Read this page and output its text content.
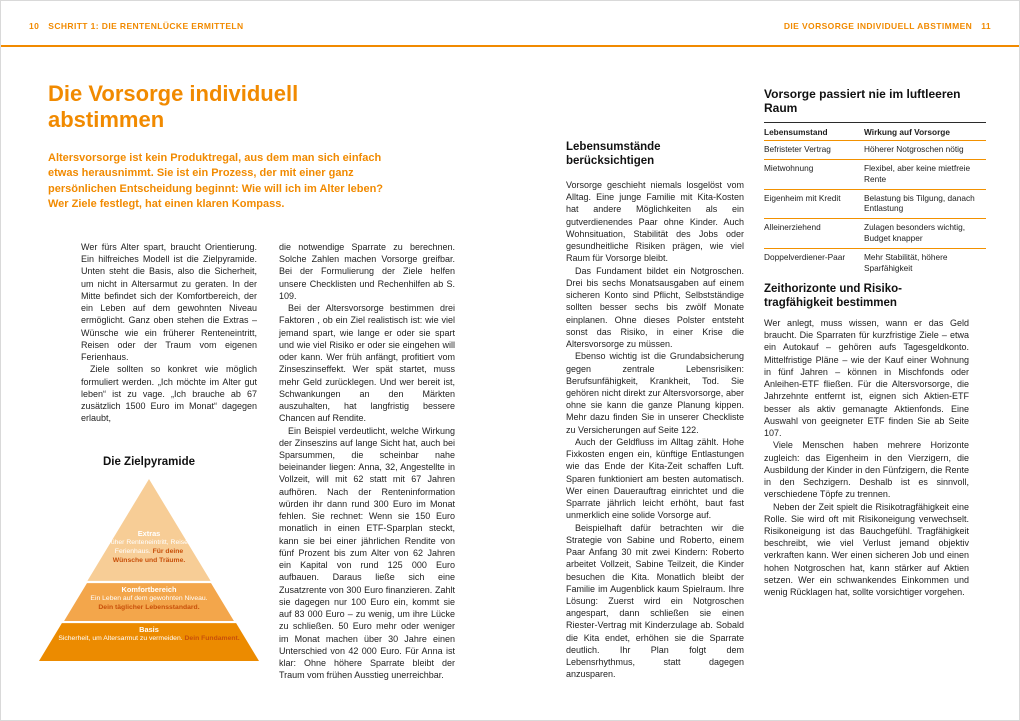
10 SCHRITT 1: DIE RENTENLÜCKE ERMITTELN	DIE VORSORGE INDIVIDUELL ABSTIMMEN 11
Die Vorsorge individuell abstimmen

Altersvorsorge ist kein Produktregal, aus dem man sich einfach etwas herausnimmt. Sie ist ein Prozess, der mit einer ganz persönlichen Entscheidung beginnt: Wie will ich im Alter leben? Wer Ziele festlegt, hat einen klaren Kompass.

Wer fürs Alter spart, braucht Orientierung. Ein hilfreiches Modell ist die Zielpyramide. Unten steht die Basis, also die Sicherheit, um nicht in Altersarmut zu geraten. In der Mitte befindet sich der Komfortbereich, der ein Leben auf dem gewohnten Niveau ermöglicht. Ganz oben stehen die Extras – Wünsche wie ein früherer Renteneintritt, Reisen oder der Traum vom eigenen Ferienhaus.

Ziele sollten so konkret wie möglich formuliert werden. „Ich möchte im Alter gut leben“ ist zu vage. „Ich brauche ab 67 zusätzlich 1500 Euro im Monat“ dagegen erlaubt,

Die Zielpyramide
Extras
Früher Renteneintritt, Reisen, Ferienhaus. Für deine Wünsche und Träume.
Komfortbereich
Ein Leben auf dem gewohnten Niveau. Dein täglicher Lebensstandard.
Basis
Sicherheit, um Altersarmut zu vermeiden. Dein Fundament.

die notwendige Sparrate zu berechnen. Solche Zahlen machen Vorsorge greifbar. Bei der Formulierung der Ziele helfen unsere Checklisten und Rechenhilfen ab S. 109.

Bei der Altersvorsorge bestimmen drei Faktoren , ob ein Ziel realistisch ist: wie viel jemand spart, wie lange er oder sie spart und wie viel Risiko er oder sie eingehen will oder kann. Wer früh anfängt, profitiert vom Zinseszinseffekt. Wer spät startet, muss mehr Geld zurücklegen. Und wer bereit ist, Schwankungen an den Märkten auszuhalten, hat langfristig bessere Chancen auf Rendite.

Ein Beispiel verdeutlicht, welche Wirkung der Zinseszins auf lange Sicht hat, auch bei Sparsummen, die scheinbar nahe beieinander liegen: Anna, 32, Angestellte in Vollzeit, will mit 62 statt mit 67 Jahren aufhören. Nach der Renteninformation würden ihr dann rund 300 Euro im Monat fehlen. Sie rechnet: Wenn sie 150 Euro monatlich in einen ETF-Sparplan steckt, kann sie bei einer jährlichen Rendite von fünf Prozent bis zum Alter von 62 Jahren ein Kapital von rund 125 000 Euro aufbauen. Daraus ließe sich eine Zusatzrente von 300 Euro finanzieren. Zahlt sie dagegen nur 100 Euro ein, kommt sie auf 83 000 Euro – zu wenig, um ihre Lücke zu schließen. 50 Euro mehr oder weniger im Monat machen über 30 Jahre einen Unterschied von 42 000 Euro. Für Anna ist klar: Ohne höhere Sparrate bleibt der Traum vom frühen Ausstieg unerreichbar.

Lebensumstände berücksichtigen

Vorsorge geschieht niemals losgelöst vom Alltag. Eine junge Familie mit Kita-Kosten hat andere Möglichkeiten als ein gutverdienendes Paar ohne Kinder. Auch Wohnsituation, Stabilität des Jobs oder gesundheitliche Risiken prägen, wie viel Raum für Vorsorge bleibt.

Das Fundament bildet ein Notgroschen. Drei bis sechs Monatsausgaben auf einem sicheren Konto sind Pflicht, Selbstständige sollten besser sechs bis zwölf Monate einplanen. Ohne dieses Polster entsteht sonst das Risiko, in einer Krise die Altersvorsorge zu müssen.

Ebenso wichtig ist die Grundabsicherung gegen zentrale Lebensrisiken: Berufsunfähigkeit, Krankheit, Tod. Sie gehören nicht direkt zur Altersvorsorge, aber ohne sie kann die ganze Planung kippen. Mehr dazu finden Sie in unserer Checkliste zu Versicherungen auf Seite 122.

Auch der Geldfluss im Alltag zählt. Hohe Fixkosten engen ein, künftige Entlastungen wie das Ende der Kita-Zeit schaffen Luft. Sparen funktioniert am besten automatisch. Wer einen Dauerauftrag einrichtet und die Sparrate jährlich leicht erhöht, baut fast unmerklich eine solide Vorsorge auf.

Beispielhaft dafür betrachten wir die Strategie von Sabine und Roberto, einem Paar Anfang 30 mit zwei Kindern: Roberto arbeitet Vollzeit, Sabine Teilzeit, die Kinder besuchen die Kita. Monatlich bleibt der Familie im Augenblick kaum Spielraum. Ihre Lösung: Zuerst wird ein Notgroschen angespart, dann schließen sie einen Riester-Vertrag mit Kinderzulage ab. Sobald die Kita endet, erhöhen sie die Sparrate deutlich. Ihr Plan folgt dem Lebensrhythmus, statt dagegen anzusparen.

Vorsorge passiert nie im luftleeren Raum
Lebensumstand	Wirkung auf Vorsorge
Befristeter Vertrag	Höherer Notgroschen nötig
Mietwohnung	Flexibel, aber keine mietfreie Rente
Eigenheim mit Kredit	Belastung bis Tilgung, danach Entlastung
Alleinerziehend	Zulagen besonders wichtig, Budget knapper
Doppelverdiener-Paar	Mehr Stabilität, höhere Sparfähigkeit
Zeithorizonte und Risikotragfähigkeit bestimmen

Wer anlegt, muss wissen, wann er das Geld braucht. Die Sparraten für kurzfristige Ziele – etwa ein Autokauf – gehören aufs Tagesgeldkonto. Mittelfristige Pläne – wie der Kauf einer Wohnung in fünf Jahren – können in Mischfonds oder Anleihen-ETF fließen. Für die Altersvorsorge, die Jahrzehnte entfernt ist, eignen sich Aktien-ETF besser als aktiv gemanagte Aktienfonds. Eine Auswahl von geeigneter ETF finden Sie ab Seite 107.

Viele Menschen haben mehrere Horizonte zugleich: das Eigenheim in den Vierzigern, die Ausbildung der Kinder in den Fünfzigern, die Rente in den Sechzigern. Deshalb ist es sinnvoll, verschiedene Töpfe zu trennen.

Neben der Zeit spielt die Risikotragfähigkeit eine Rolle. Sie wird oft mit Risikoneigung verwechselt. Risikoneigung ist das Bauchgefühl. Tragfähigkeit beschreibt, wie viel Verlust jemand objektiv verkraften kann. Wer einen sicheren Job und einen hohen Notgroschen hat, kann stärker auf Aktien setzen. Wer ein schwankendes Einkommen und wenig Rücklagen hat, sollte vorsichtiger vorgehen.
